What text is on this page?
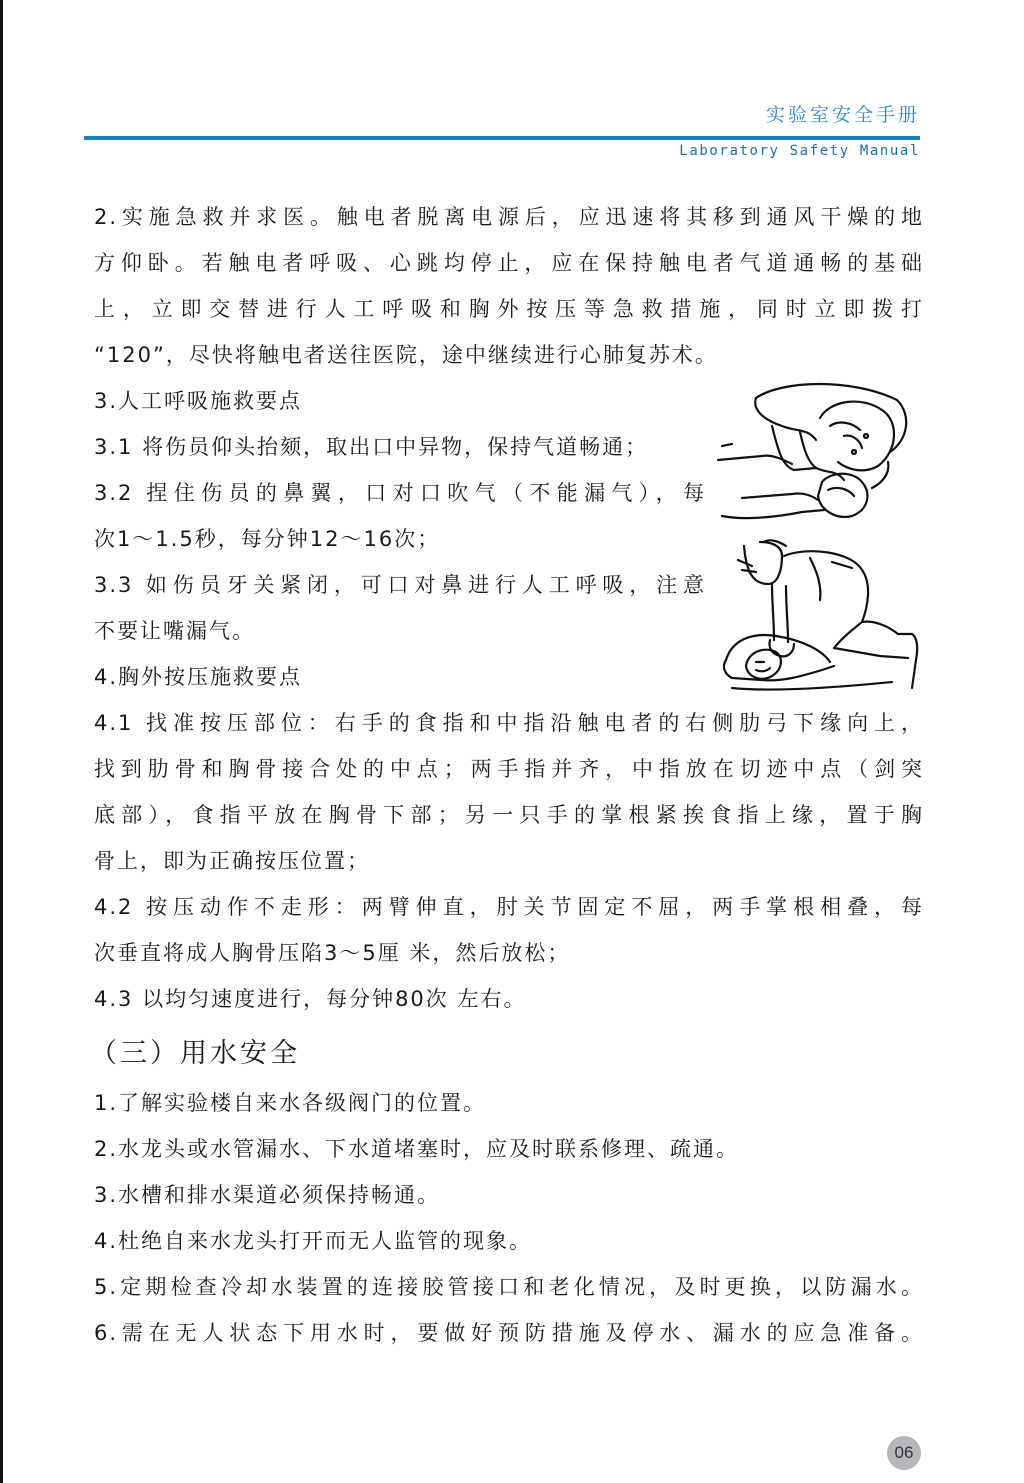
实验室安全手册
Laboratory Safety Manual
2.实施急救并求医。触电者脱离电源后，应迅速将其移到通风干燥的地
方仰卧。若触电者呼吸、心跳均停止，应在保持触电者气道通畅的基础
上，立即交替进行人工呼吸和胸外按压等急救措施，同时立即拨打
“120”，尽快将触电者送往医院，途中继续进行心肺复苏术。
3.人工呼吸施救要点
3.1 将伤员仰头抬颏，取出口中异物，保持气道畅通；
3.2 捏住伤员的鼻翼，口对口吹气（不能漏气），每
次1～1.5秒，每分钟12～16次；
3.3 如伤员牙关紧闭，可口对鼻进行人工呼吸，注意
不要让嘴漏气。
4.胸外按压施救要点
4.1 找准按压部位：右手的食指和中指沿触电者的右侧肋弓下缘向上，
找到肋骨和胸骨接合处的中点；两手指并齐，中指放在切迹中点（剑突
底部），食指平放在胸骨下部；另一只手的掌根紧挨食指上缘，置于胸
骨上，即为正确按压位置；
4.2 按压动作不走形：两臂伸直，肘关节固定不屈，两手掌根相叠，每
次垂直将成人胸骨压陷3～5厘 米，然后放松；
4.3 以均匀速度进行，每分钟80次 左右。
（三）用水安全
1.了解实验楼自来水各级阀门的位置。
2.水龙头或水管漏水、下水道堵塞时，应及时联系修理、疏通。
3.水槽和排水渠道必须保持畅通。
4.杜绝自来水龙头打开而无人监管的现象。
5.定期检查冷却水装置的连接胶管接口和老化情况，及时更换，以防漏水。
6.需在无人状态下用水时，要做好预防措施及停水、漏水的应急准备。
06
